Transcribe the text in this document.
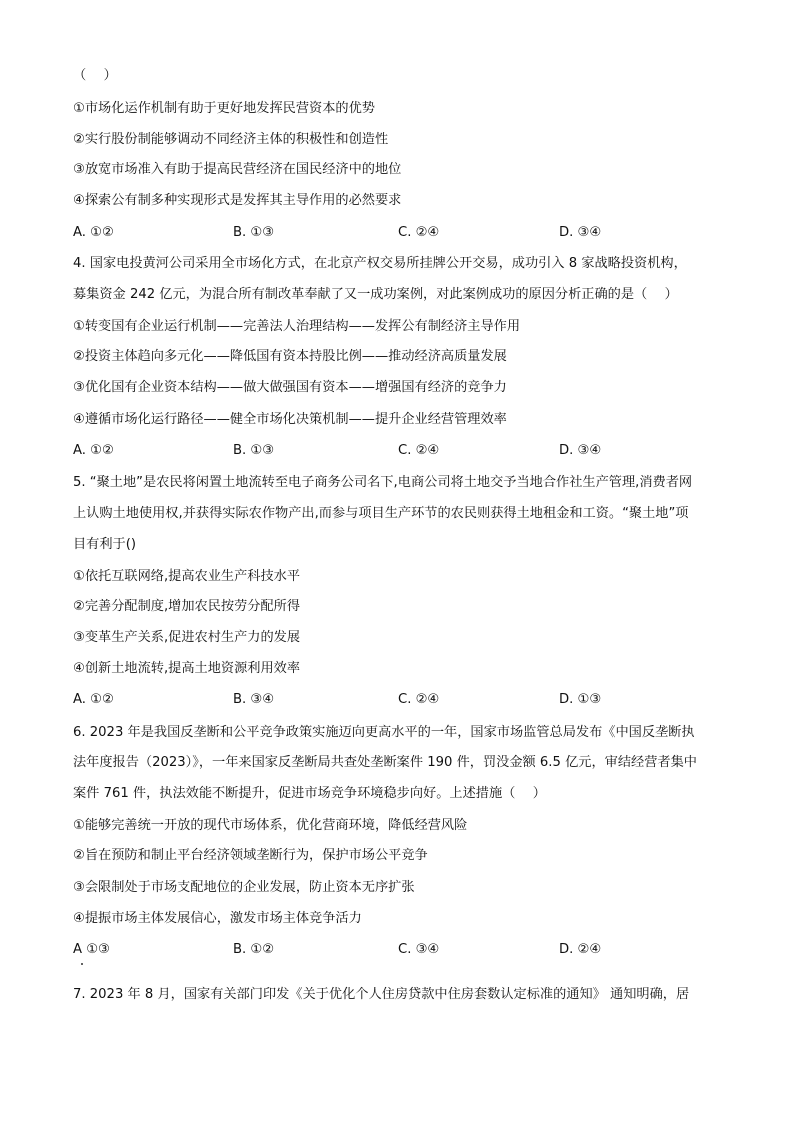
（　 ）
①市场化运作机制有助于更好地发挥民营资本的优势
②实行股份制能够调动不同经济主体的积极性和创造性
③放宽市场准入有助于提高民营经济在国民经济中的地位
④探索公有制多种实现形式是发挥其主导作用的必然要求
A. ①②	B. ①③	C. ②④	D. ③④
4. 国家电投黄河公司采用全市场化方式，在北京产权交易所挂牌公开交易，成功引入 8 家战略投资机构，
募集资金 242 亿元，为混合所有制改革奉献了又一成功案例，对此案例成功的原因分析正确的是（　 ）
①转变国有企业运行机制——完善法人治理结构——发挥公有制经济主导作用
②投资主体趋向多元化——降低国有资本持股比例——推动经济高质量发展
③优化国有企业资本结构——做大做强国有资本——增强国有经济的竞争力
④遵循市场化运行路径——健全市场化决策机制——提升企业经营管理效率
A. ①②	B. ①③	C. ②④	D. ③④
5. “聚土地”是农民将闲置土地流转至电子商务公司名下,电商公司将土地交予当地合作社生产管理,消费者网
上认购土地使用权,并获得实际农作物产出,而参与项目生产环节的农民则获得土地租金和工资。“聚土地”项
目有利于()
①依托互联网络,提高农业生产科技水平
②完善分配制度,增加农民按劳分配所得
③变革生产关系,促进农村生产力的发展
④创新土地流转,提高土地资源利用效率
A. ①②	B. ③④	C. ②④	D. ①③
6. 2023 年是我国反垄断和公平竞争政策实施迈向更高水平的一年，国家市场监管总局发布《中国反垄断执
法年度报告（2023）》，一年来国家反垄断局共查处垄断案件 190 件，罚没金额 6.5 亿元，审结经营者集中
案件 761 件，执法效能不断提升，促进市场竞争环境稳步向好。上述措施（　 ）
①能够完善统一开放的现代市场体系，优化营商环境，降低经营风险
②旨在预防和制止平台经济领域垄断行为，保护市场公平竞争
③会限制处于市场支配地位的企业发展，防止资本无序扩张
④提振市场主体发展信心，激发市场主体竞争活力
A ①③	B. ①②	C. ③④	D. ②④
7. 2023 年 8 月，国家有关部门印发《关于优化个人住房贷款中住房套数认定标准的通知》 通知明确，居
